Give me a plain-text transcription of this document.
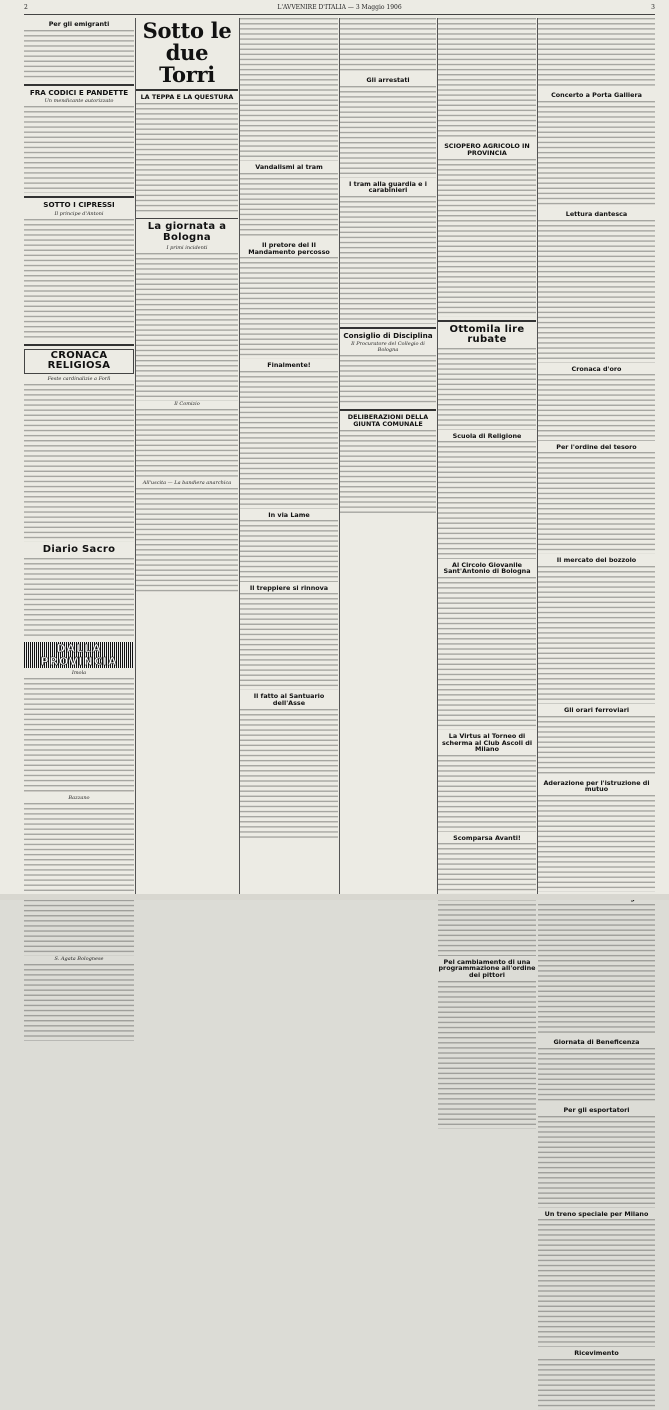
2	L'AVVENIRE D'ITALIA — 3 Maggio 1906	3
Per gli emigranti

FRA CODICI E PANDETTE
Un mendicante autorizzato

SOTTO I CIPRESSI
Il principe d'Antoni

CRONACA RELIGIOSA
Feste cardinalizie a Forlì

Diario Sacro

DALLA PROVINCIA
Imola

Bazzano

S. Agata Bolognese

Sotto le due Torri
LA TEPPA E LA QUESTURA

La giornata a Bologna
I primi incidenti

Il Comizio

All'uscita — La bandiera anarchica

Vandalismi al tram

Il pretore del II Mandamento percosso

Finalmente!

In via Lame

Il treppiere si rinnova

Il fatto al Santuario dell'Asse

Gli arrestati

I tram alla guardia e i carabinieri

Consiglio di Disciplina
Il Procuratore del Collegio di Bologna

DELIBERAZIONI DELLA GIUNTA COMUNALE

SCIOPERO AGRICOLO IN PROVINCIA

Ottomila lire rubate

Scuola di Religione

Al Circolo Giovanile Sant'Antonio di Bologna

La Virtus al Torneo di scherma al Club Ascoli di Milano

Scomparsa Avanti!

Pel cambiamento di una programmazione all'ordine dei pittori

Concerto a Porta Galliera

Lettura dantesca

Cronaca d'oro

Per l'ordine del tesoro

Il mercato del bozzolo

Gli orari ferroviari

Aderazione per l'istruzione di mutuo

Giornata di Beneficenza

Per gli esportatori

Un treno speciale per Milano

Ricevimento
